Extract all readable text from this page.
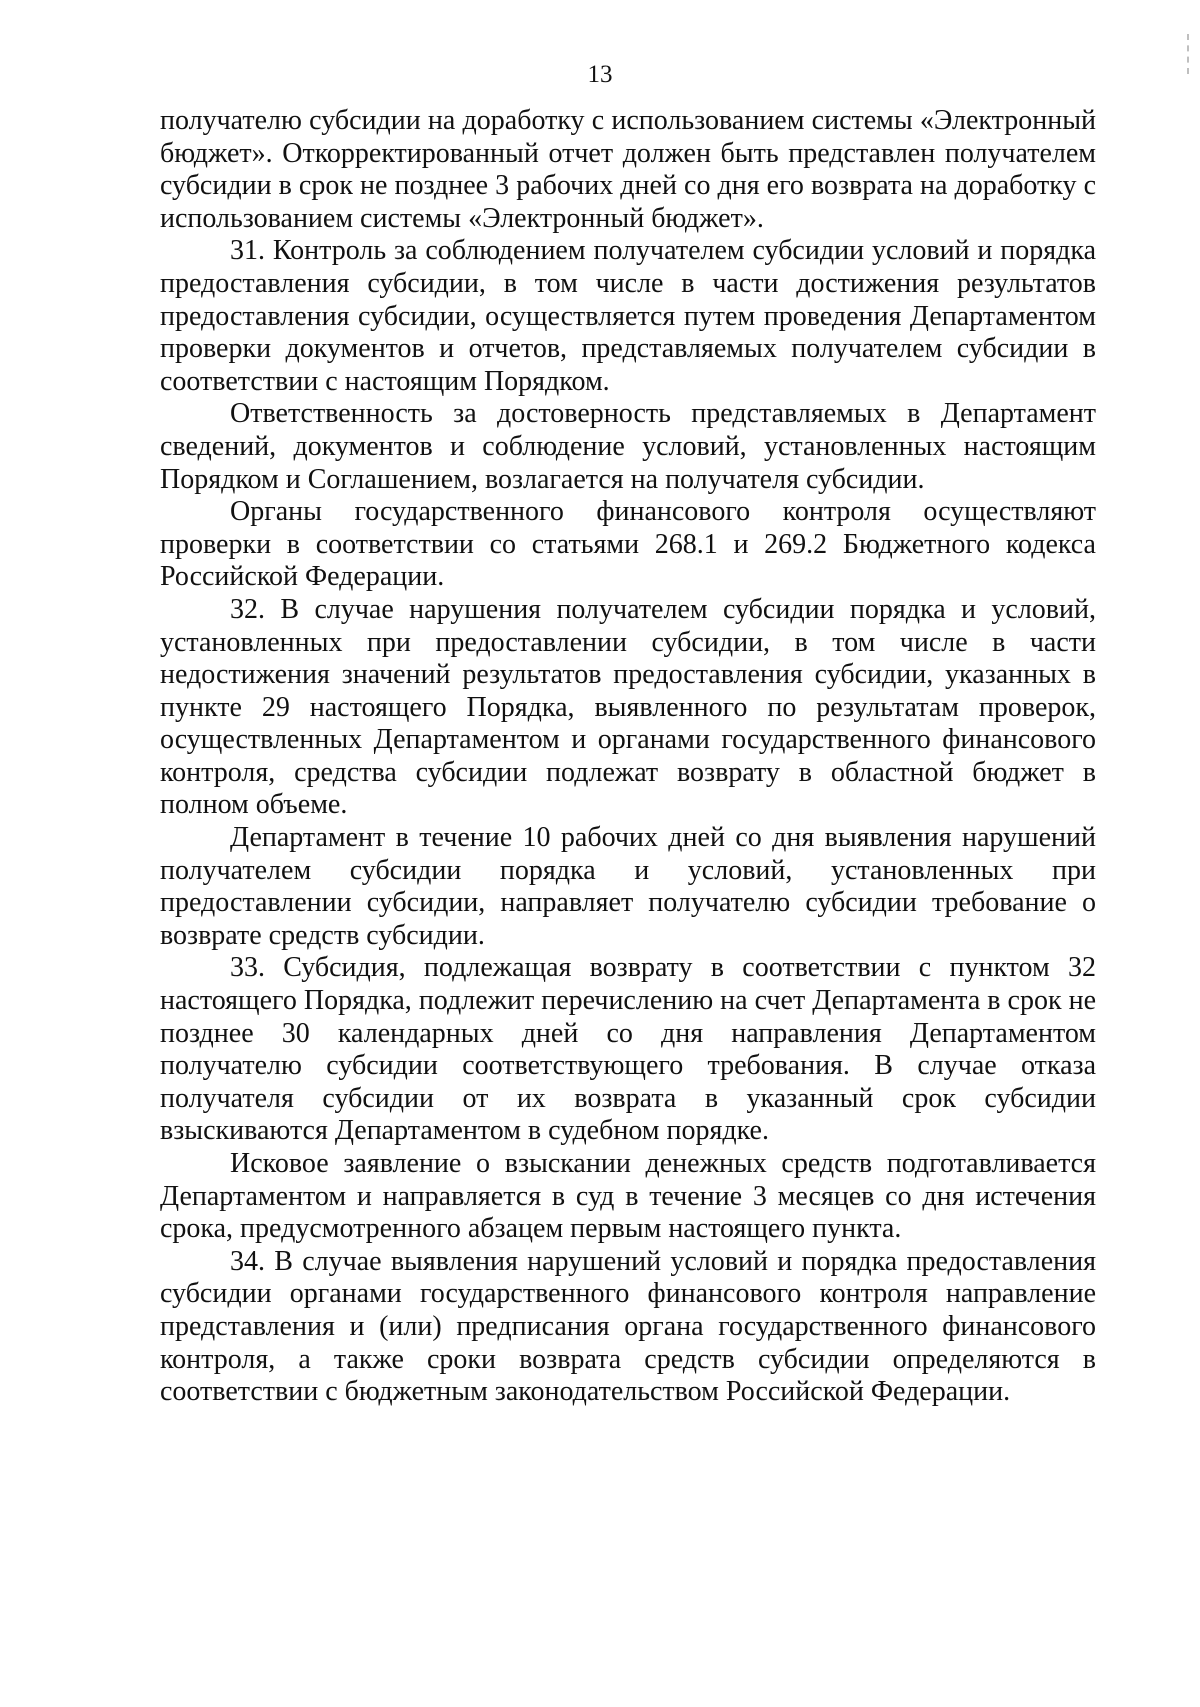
13

получателю субсидии на доработку с использованием системы «Электронный бюджет». Откорректированный отчет должен быть представлен получателем субсидии в срок не позднее 3 рабочих дней со дня его возврата на доработку с использованием системы «Электронный бюджет».

31. Контроль за соблюдением получателем субсидии условий и порядка предоставления субсидии, в том числе в части достижения результатов предоставления субсидии, осуществляется путем проведения Департаментом проверки документов и отчетов, представляемых получателем субсидии в соответствии с настоящим Порядком.

Ответственность за достоверность представляемых в Департамент сведений, документов и соблюдение условий, установленных настоящим Порядком и Соглашением, возлагается на получателя субсидии.

Органы государственного финансового контроля осуществляют проверки в соответствии со статьями 268.1 и 269.2 Бюджетного кодекса Российской Федерации.

32. В случае нарушения получателем субсидии порядка и условий, установленных при предоставлении субсидии, в том числе в части недостижения значений результатов предоставления субсидии, указанных в пункте 29 настоящего Порядка, выявленного по результатам проверок, осуществленных Департаментом и органами государственного финансового контроля, средства субсидии подлежат возврату в областной бюджет в полном объеме.

Департамент в течение 10 рабочих дней со дня выявления нарушений получателем субсидии порядка и условий, установленных при предоставлении субсидии, направляет получателю субсидии требование о возврате средств субсидии.

33. Субсидия, подлежащая возврату в соответствии с пунктом 32 настоящего Порядка, подлежит перечислению на счет Департамента в срок не позднее 30 календарных дней со дня направления Департаментом получателю субсидии соответствующего требования. В случае отказа получателя субсидии от их возврата в указанный срок субсидии взыскиваются Департаментом в судебном порядке.

Исковое заявление о взыскании денежных средств подготавливается Департаментом и направляется в суд в течение 3 месяцев со дня истечения срока, предусмотренного абзацем первым настоящего пункта.

34. В случае выявления нарушений условий и порядка предоставления субсидии органами государственного финансового контроля направление представления и (или) предписания органа государственного финансового контроля, а также сроки возврата средств субсидии определяются в соответствии с бюджетным законодательством Российской Федерации.
